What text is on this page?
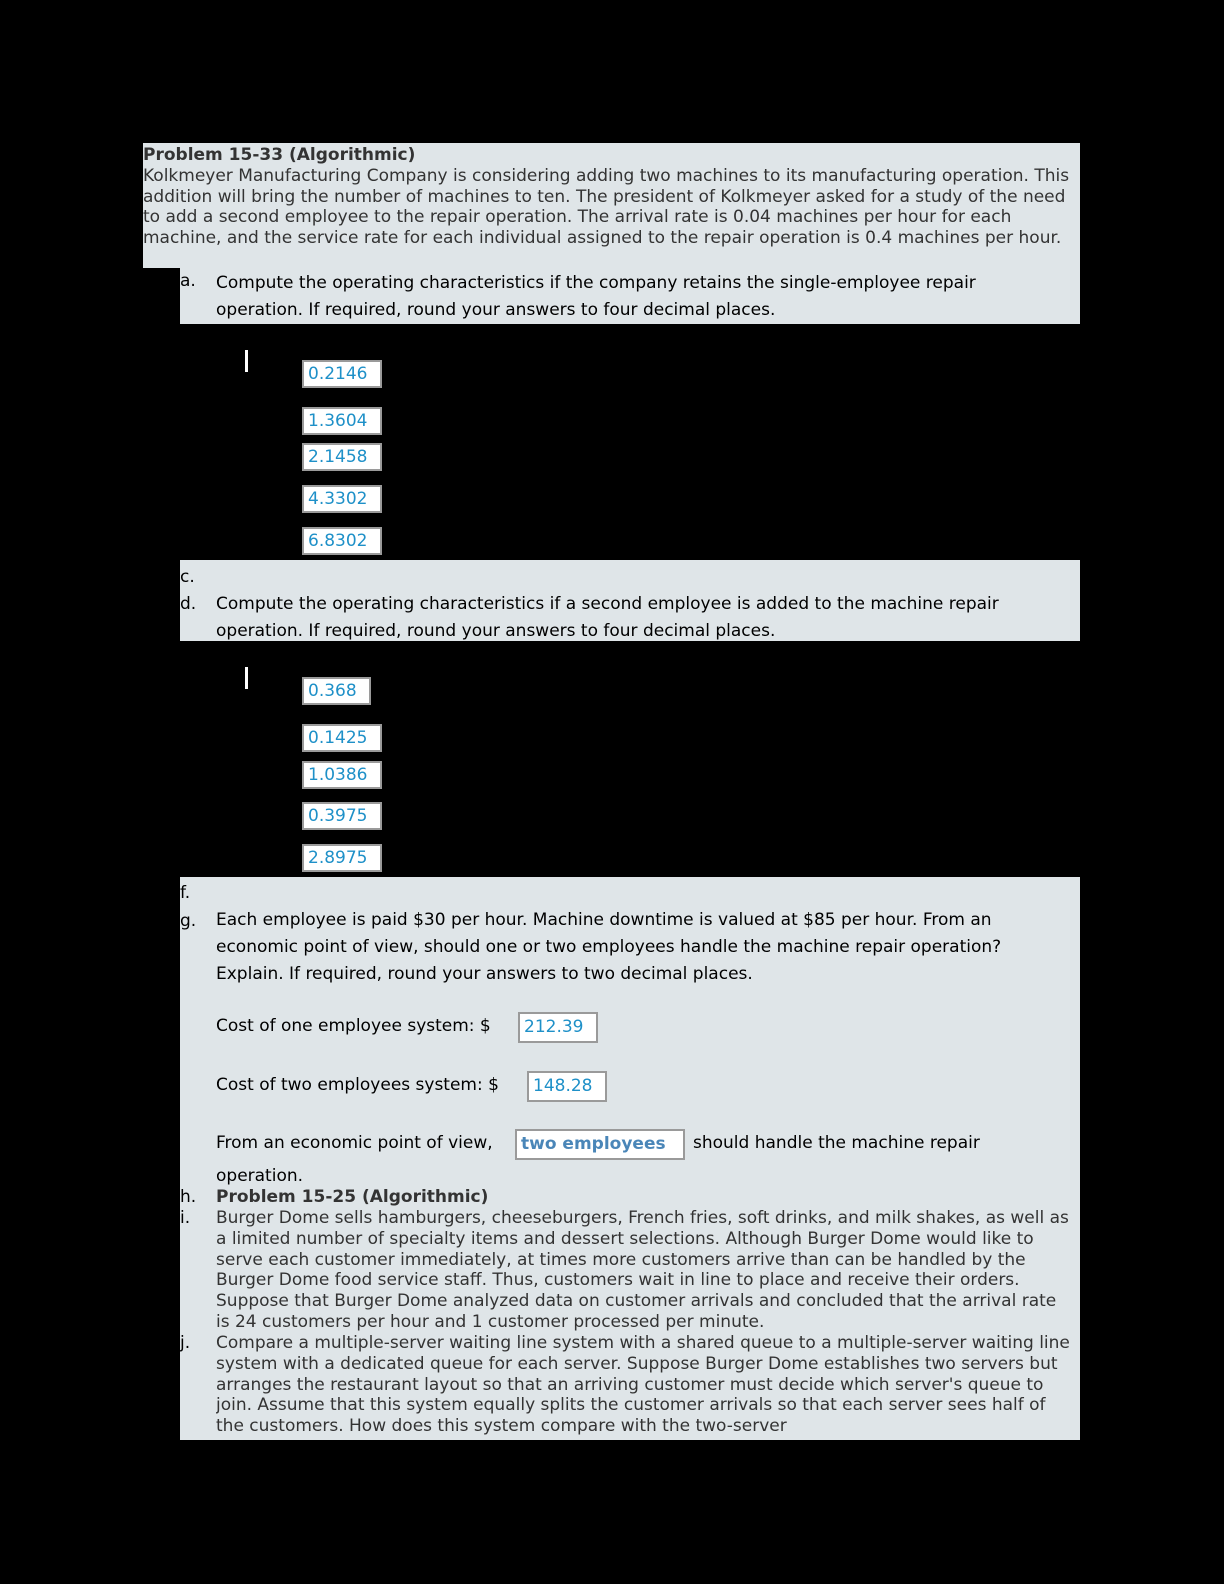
Problem 15-33 (Algorithmic)
Kolkmeyer Manufacturing Company is considering adding two machines to its manufacturing operation. This addition will bring the number of machines to ten. The president of Kolkmeyer asked for a study of the need to add a second employee to the repair operation. The arrival rate is 0.04 machines per hour for each machine, and the service rate for each individual assigned to the repair operation is 0.4 machines per hour.
a. Compute the operating characteristics if the company retains the single-employee repair operation. If required, round your answers to four decimal places.
0.2146
1.3604
2.1458
4.3302
6.8302
c.
d. Compute the operating characteristics if a second employee is added to the machine repair operation. If required, round your answers to four decimal places.
0.368
0.1425
1.0386
0.3975
2.8975
f.
g. Each employee is paid $30 per hour. Machine downtime is valued at $85 per hour. From an economic point of view, should one or two employees handle the machine repair operation? Explain. If required, round your answers to two decimal places.
Cost of one employee system: $	212.39
Cost of two employees system: $	148.28
From an economic point of view,	two employees	should handle the machine repair
operation.
h. Problem 15-25 (Algorithmic)
i. Burger Dome sells hamburgers, cheeseburgers, French fries, soft drinks, and milk shakes, as well as a limited number of specialty items and dessert selections. Although Burger Dome would like to serve each customer immediately, at times more customers arrive than can be handled by the Burger Dome food service staff. Thus, customers wait in line to place and receive their orders. Suppose that Burger Dome analyzed data on customer arrivals and concluded that the arrival rate is 24 customers per hour and 1 customer processed per minute.
j. Compare a multiple-server waiting line system with a shared queue to a multiple-server waiting line system with a dedicated queue for each server. Suppose Burger Dome establishes two servers but arranges the restaurant layout so that an arriving customer must decide which server's queue to join. Assume that this system equally splits the customer arrivals so that each server sees half of the customers. How does this system compare with the two-server
